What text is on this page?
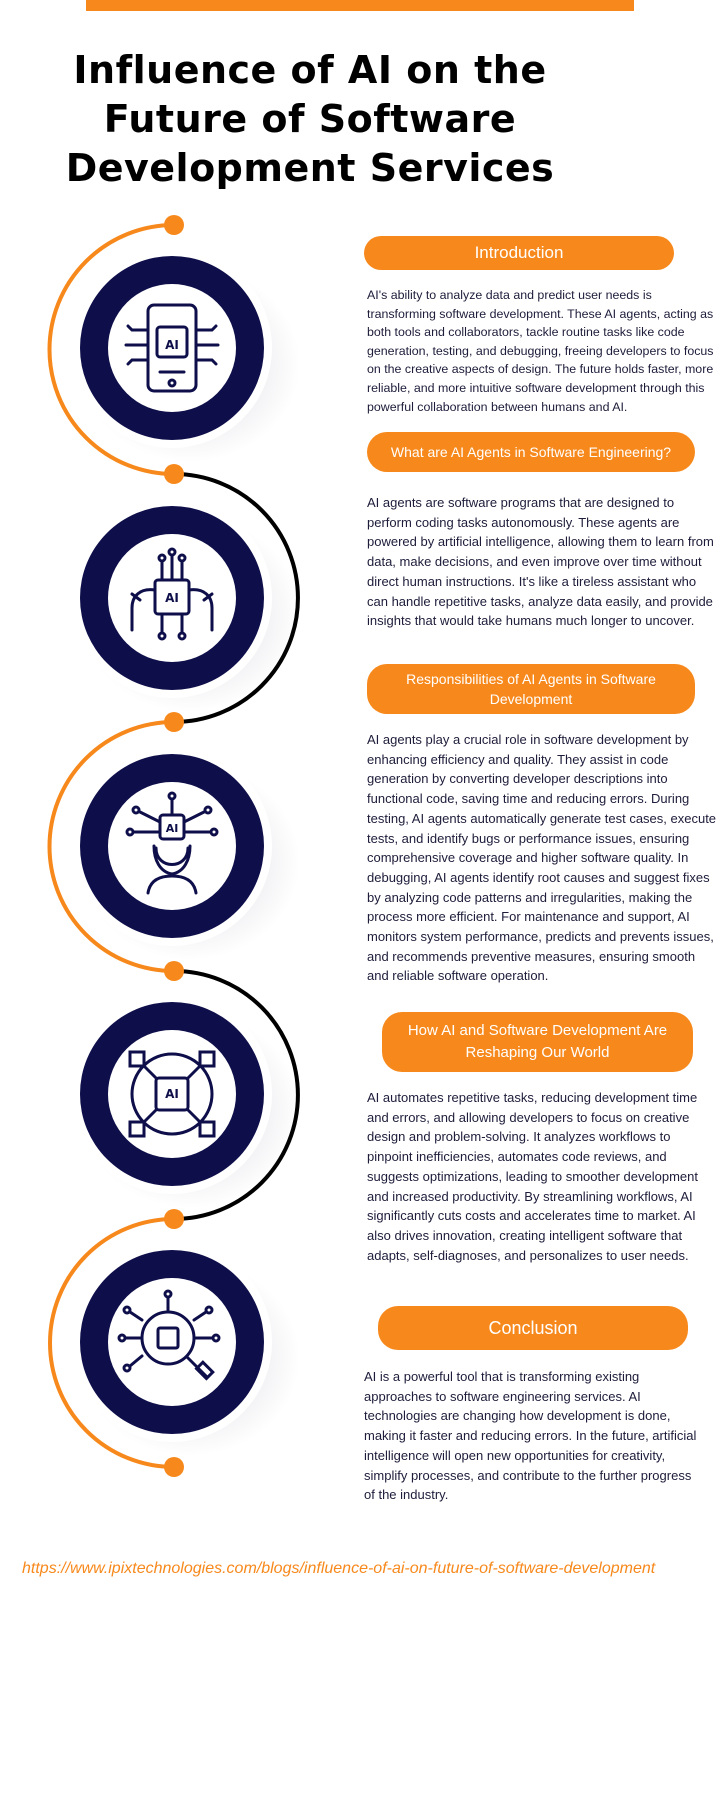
Influence of AI on the
Future of Software
Development Services
AI
AI
AI
AI
Introduction
AI's ability to analyze data and predict user needs is transforming software development. These AI agents, acting as both tools and collaborators, tackle routine tasks like code generation, testing, and debugging, freeing developers to focus on the creative aspects of design. The future holds faster, more reliable, and more intuitive software development through this powerful collaboration between humans and AI.
What are AI Agents in Software Engineering?
AI agents are software programs that are designed to perform coding tasks autonomously. These agents are powered by artificial intelligence, allowing them to learn from data, make decisions, and even improve over time without direct human instructions. It's like a tireless assistant who can handle repetitive tasks, analyze data easily, and provide insights that would take humans much longer to uncover.
Responsibilities of AI Agents in Software Development
AI agents play a crucial role in software development by enhancing efficiency and quality. They assist in code generation by converting developer descriptions into functional code, saving time and reducing errors. During testing, AI agents automatically generate test cases, execute tests, and identify bugs or performance issues, ensuring comprehensive coverage and higher software quality. In debugging, AI agents identify root causes and suggest fixes by analyzing code patterns and irregularities, making the process more efficient. For maintenance and support, AI monitors system performance, predicts and prevents issues, and recommends preventive measures, ensuring smooth and reliable software operation.
How AI and Software Development Are Reshaping Our World
AI automates repetitive tasks, reducing development time and errors, and allowing developers to focus on creative design and problem-solving. It analyzes workflows to pinpoint inefficiencies, automates code reviews, and suggests optimizations, leading to smoother development and increased productivity. By streamlining workflows, AI significantly cuts costs and accelerates time to market. AI also drives innovation, creating intelligent software that adapts, self-diagnoses, and personalizes to user needs.
Conclusion
AI is a powerful tool that is transforming existing approaches to software engineering services. AI technologies are changing how development is done, making it faster and reducing errors. In the future, artificial intelligence will open new opportunities for creativity, simplify processes, and contribute to the further progress of the industry.
https://www.ipixtechnologies.com/blogs/influence-of-ai-on-future-of-software-development
